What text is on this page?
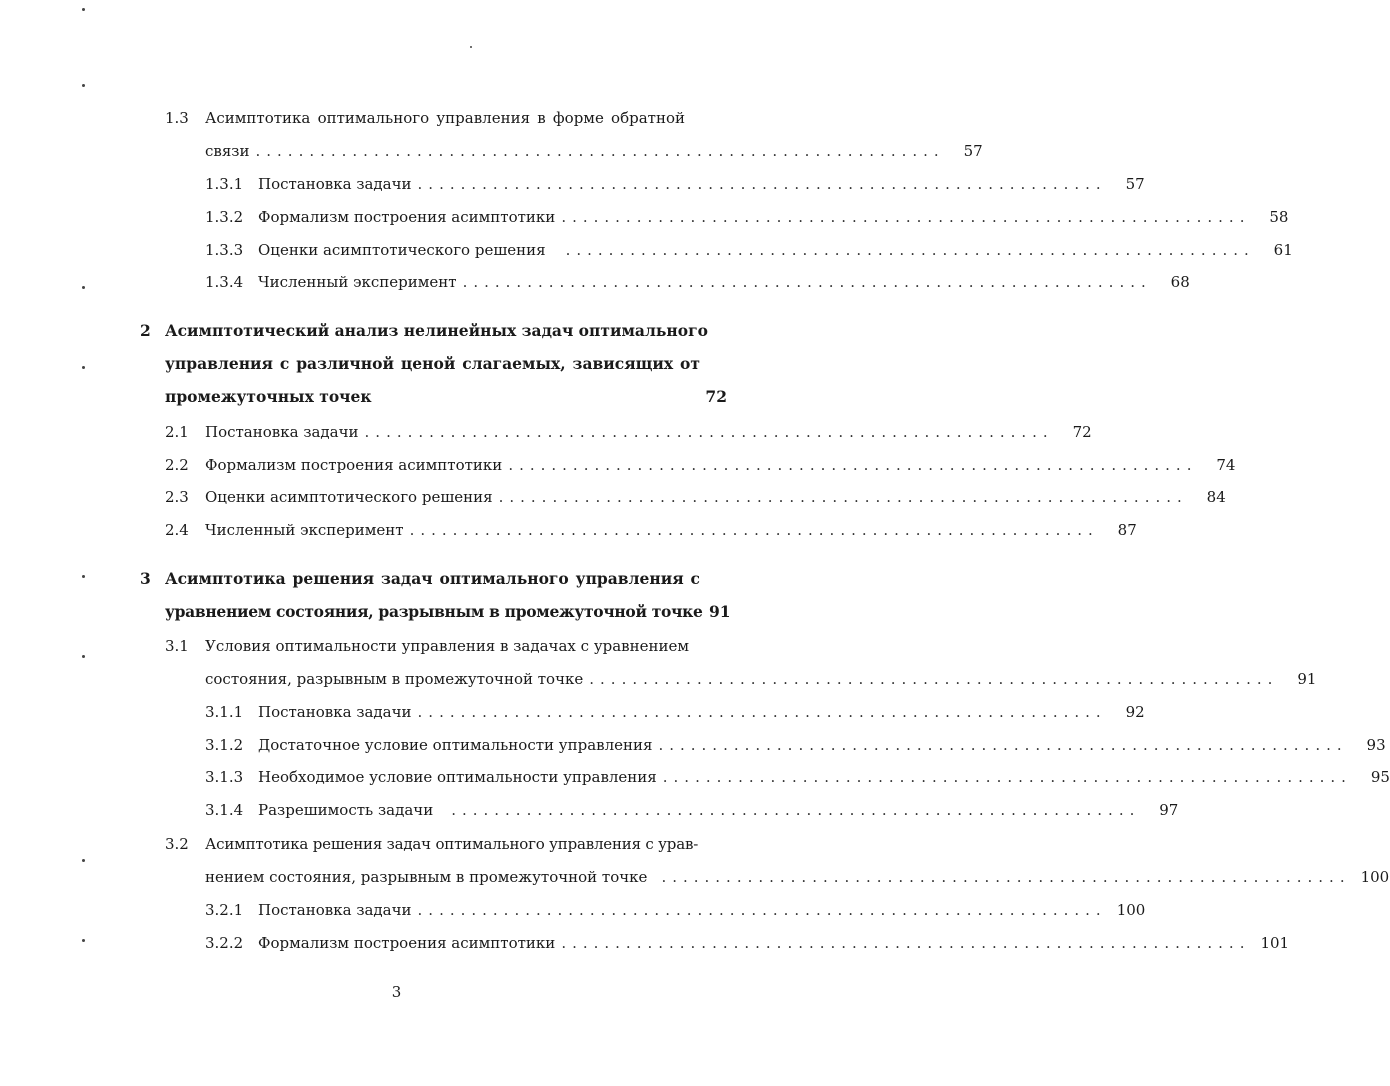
1.3 Асимптотика оптимального управления в форме обратной
связи ................................................................	57
1.3.1 Постановка задачи ................................................................	57
1.3.2 Формализм построения асимптотики ................................................................	58
1.3.3 Оценки асимптотического решения ................................................................	61
1.3.4 Численный эксперимент ................................................................	68
2 Асимптотический анализ нелинейных задач оптимального
управления с различной ценой слагаемых, зависящих от
промежуточных точек	72
2.1 Постановка задачи ................................................................	72
2.2 Формализм построения асимптотики ................................................................	74
2.3 Оценки асимптотического решения ................................................................	84
2.4 Численный эксперимент ................................................................	87
3 Асимптотика решения задач оптимального управления с
уравнением состояния, разрывным в промежуточной точке 91
3.1 Условия оптимальности управления в задачах с уравнением
состояния, разрывным в промежуточной точке ................................................................	91
3.1.1 Постановка задачи ................................................................	92
3.1.2 Достаточное условие оптимальности управления ................................................................	93
3.1.3 Необходимое условие оптимальности управления ................................................................	95
3.1.4 Разрешимость задачи ................................................................	97
3.2 Асимптотика решения задач оптимального управления с урав-
нением состояния, разрывным в промежуточной точке ................................................................ 100
3.2.1 Постановка задачи ................................................................ 100
3.2.2 Формализм построения асимптотики ................................................................ 101
3
